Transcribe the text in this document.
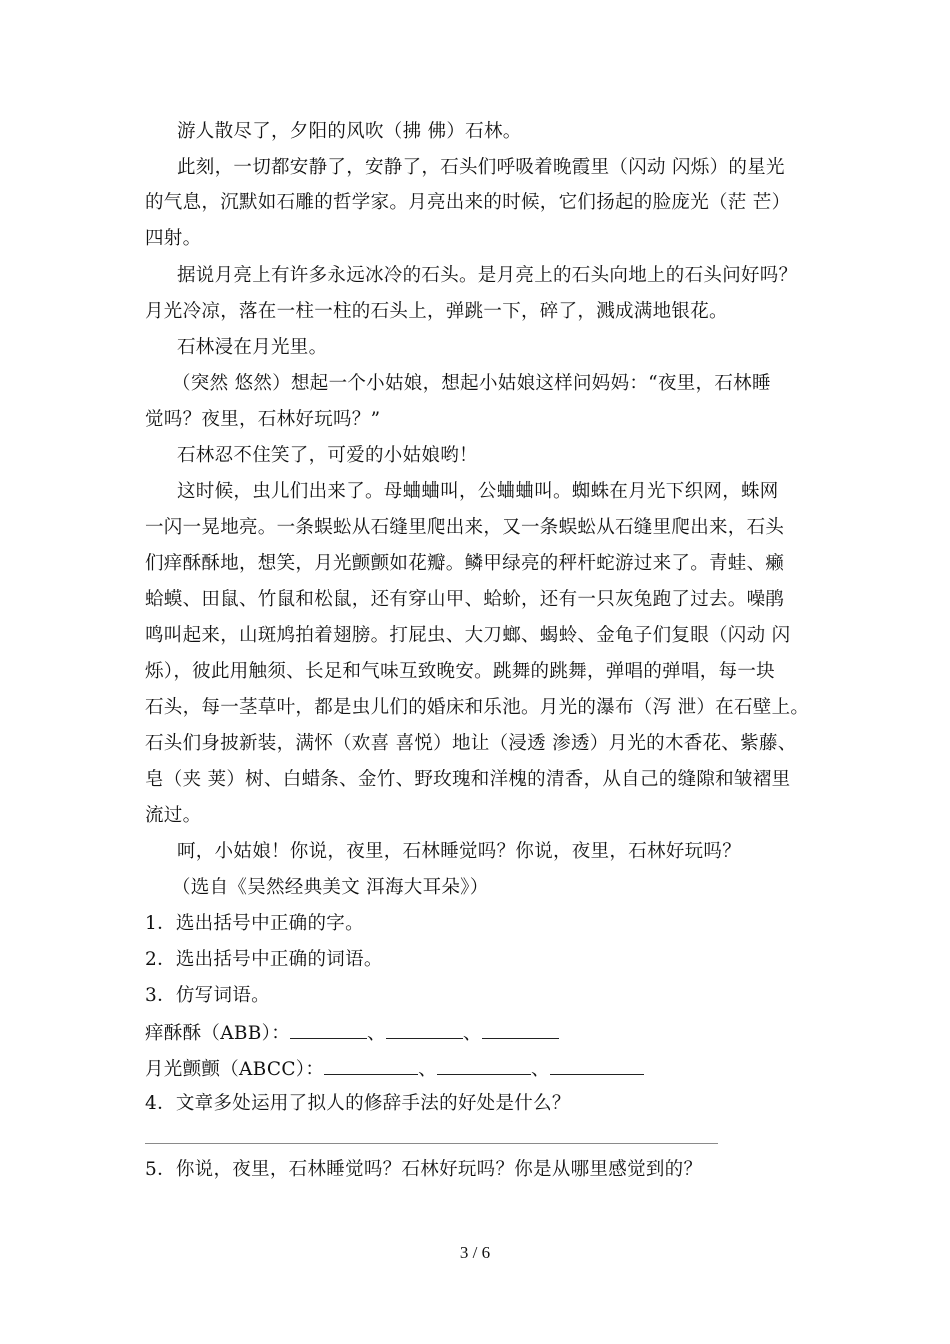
游人散尽了，夕阳的风吹（拂 佛）石林。
此刻，一切都安静了，安静了，石头们呼吸着晚霞里（闪动 闪烁）的星光
的气息，沉默如石雕的哲学家。月亮出来的时候，它们扬起的脸庞光（茫 芒）
四射。
据说月亮上有许多永远冰冷的石头。是月亮上的石头向地上的石头问好吗？
月光冷凉，落在一柱一柱的石头上，弹跳一下，碎了，溅成满地银花。
石林浸在月光里。
（突然 悠然）想起一个小姑娘，想起小姑娘这样问妈妈：“夜里，石林睡
觉吗？夜里，石林好玩吗？”
石林忍不住笑了，可爱的小姑娘哟！
这时候，虫儿们出来了。母蛐蛐叫，公蛐蛐叫。蜘蛛在月光下织网，蛛网
一闪一晃地亮。一条蜈蚣从石缝里爬出来，又一条蜈蚣从石缝里爬出来，石头
们痒酥酥地，想笑，月光颤颤如花瓣。鳞甲绿亮的秤杆蛇游过来了。青蛙、癞
蛤蟆、田鼠、竹鼠和松鼠，还有穿山甲、蛤蚧，还有一只灰兔跑了过去。噪鹃
鸣叫起来，山斑鸠拍着翅膀。打屁虫、大刀螂、蝎蛉、金龟子们复眼（闪动 闪
烁），彼此用触须、长足和气味互致晚安。跳舞的跳舞，弹唱的弹唱，每一块
石头，每一茎草叶，都是虫儿们的婚床和乐池。月光的瀑布（泻 泄）在石壁上。
石头们身披新装，满怀（欢喜 喜悦）地让（浸透 渗透）月光的木香花、紫藤、
皂（夹 荚）树、白蜡条、金竹、野玫瑰和洋槐的清香，从自己的缝隙和皱褶里
流过。
呵，小姑娘！你说，夜里，石林睡觉吗？你说，夜里，石林好玩吗？
（选自《吴然经典美文 洱海大耳朵》）
1．选出括号中正确的字。
2．选出括号中正确的词语。
3．仿写词语。
痒酥酥（ABB）：	、	、
月光颤颤（ABCC）：	、	、
4．文章多处运用了拟人的修辞手法的好处是什么？
5．你说，夜里，石林睡觉吗？石林好玩吗？你是从哪里感觉到的？
3 / 6
